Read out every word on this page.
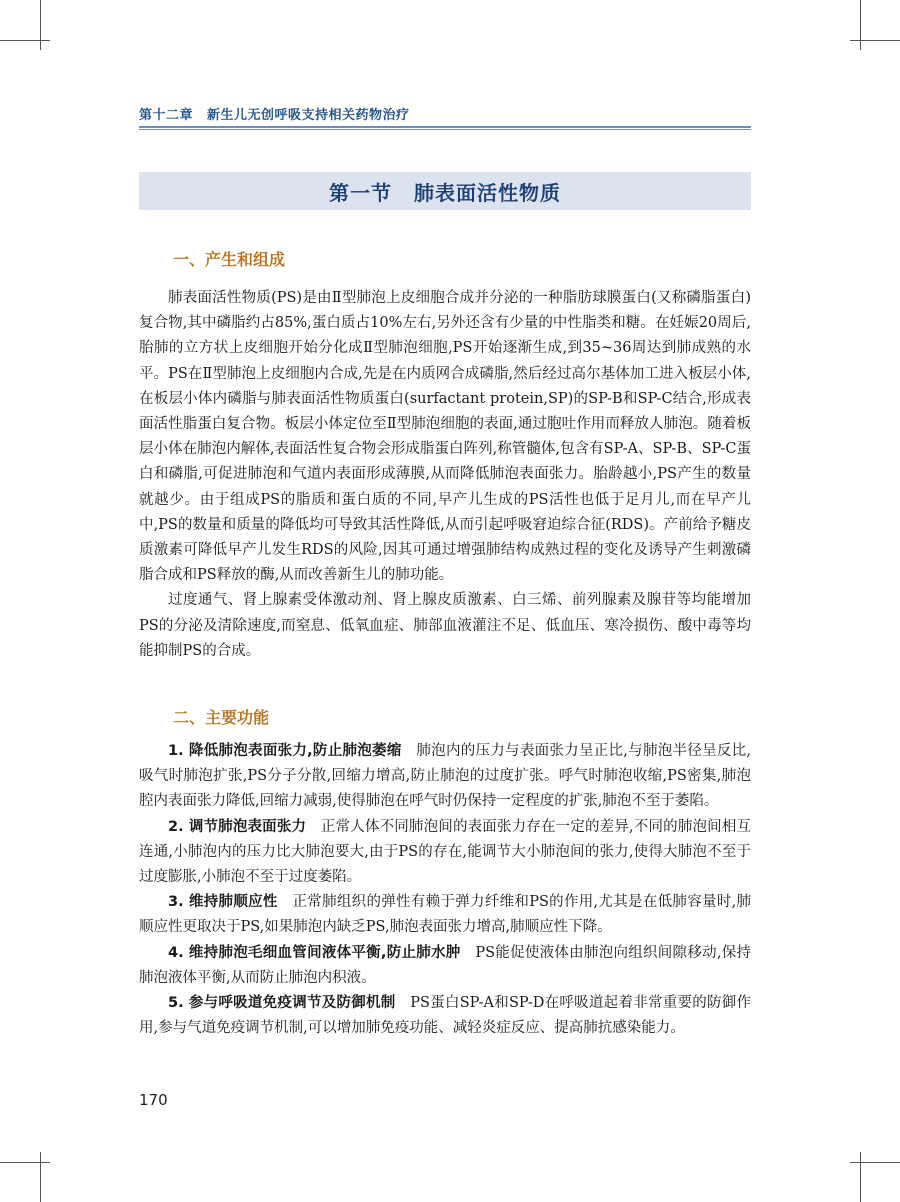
第十二章 新生儿无创呼吸支持相关药物治疗
第一节 肺表面活性物质
一、产生和组成

肺表面活性物质(PS)是由Ⅱ型肺泡上皮细胞合成并分泌的一种脂肪球膜蛋白(又称磷脂蛋白)复合物,其中磷脂约占85%,蛋白质占10%左右,另外还含有少量的中性脂类和糖。在妊娠20周后,胎肺的立方状上皮细胞开始分化成Ⅱ型肺泡细胞,PS开始逐渐生成,到35~36周达到肺成熟的水平。PS在Ⅱ型肺泡上皮细胞内合成,先是在内质网合成磷脂,然后经过高尔基体加工进入板层小体,在板层小体内磷脂与肺表面活性物质蛋白(surfactant protein,SP)的SP-B和SP-C结合,形成表面活性脂蛋白复合物。板层小体定位至Ⅱ型肺泡细胞的表面,通过胞吐作用而释放人肺泡。随着板层小体在肺泡内解体,表面活性复合物会形成脂蛋白阵列,称管髓体,包含有SP-A、SP-B、SP-C蛋白和磷脂,可促进肺泡和气道内表面形成薄膜,从而降低肺泡表面张力。胎龄越小,PS产生的数量就越少。由于组成PS的脂质和蛋白质的不同,早产儿生成的PS活性也低于足月儿,而在早产儿中,PS的数量和质量的降低均可导致其活性降低,从而引起呼吸窘迫综合征(RDS)。产前给予糖皮质激素可降低早产儿发生RDS的风险,因其可通过增强肺结构成熟过程的变化及诱导产生刺激磷脂合成和PS释放的酶,从而改善新生儿的肺功能。

过度通气、肾上腺素受体激动剂、肾上腺皮质激素、白三烯、前列腺素及腺苷等均能增加PS的分泌及清除速度,而窒息、低氧血症、肺部血液灌注不足、低血压、寒冷损伤、酸中毒等均能抑制PS的合成。

二、主要功能

1. 降低肺泡表面张力,防止肺泡萎缩　 肺泡内的压力与表面张力呈正比,与肺泡半径呈反比,吸气时肺泡扩张,PS分子分散,回缩力增高,防止肺泡的过度扩张。呼气时肺泡收缩,PS密集,肺泡腔内表面张力降低,回缩力减弱,使得肺泡在呼气时仍保持一定程度的扩张,肺泡不至于萎陷。

2. 调节肺泡表面张力　 正常人体不同肺泡间的表面张力存在一定的差异,不同的肺泡间相互连通,小肺泡内的压力比大肺泡要大,由于PS的存在,能调节大小肺泡间的张力,使得大肺泡不至于过度膨胀,小肺泡不至于过度萎陷。

3. 维持肺顺应性　 正常肺组织的弹性有赖于弹力纤维和PS的作用,尤其是在低肺容量时,肺顺应性更取决于PS,如果肺泡内缺乏PS,肺泡表面张力增高,肺顺应性下降。

4. 维持肺泡毛细血管间液体平衡,防止肺水肿　 PS能促使液体由肺泡向组织间隙移动,保持肺泡液体平衡,从而防止肺泡内积液。

5. 参与呼吸道免疫调节及防御机制　 PS蛋白SP-A和SP-D在呼吸道起着非常重要的防御作用,参与气道免疫调节机制,可以增加肺免疫功能、减轻炎症反应、提高肺抗感染能力。

170
